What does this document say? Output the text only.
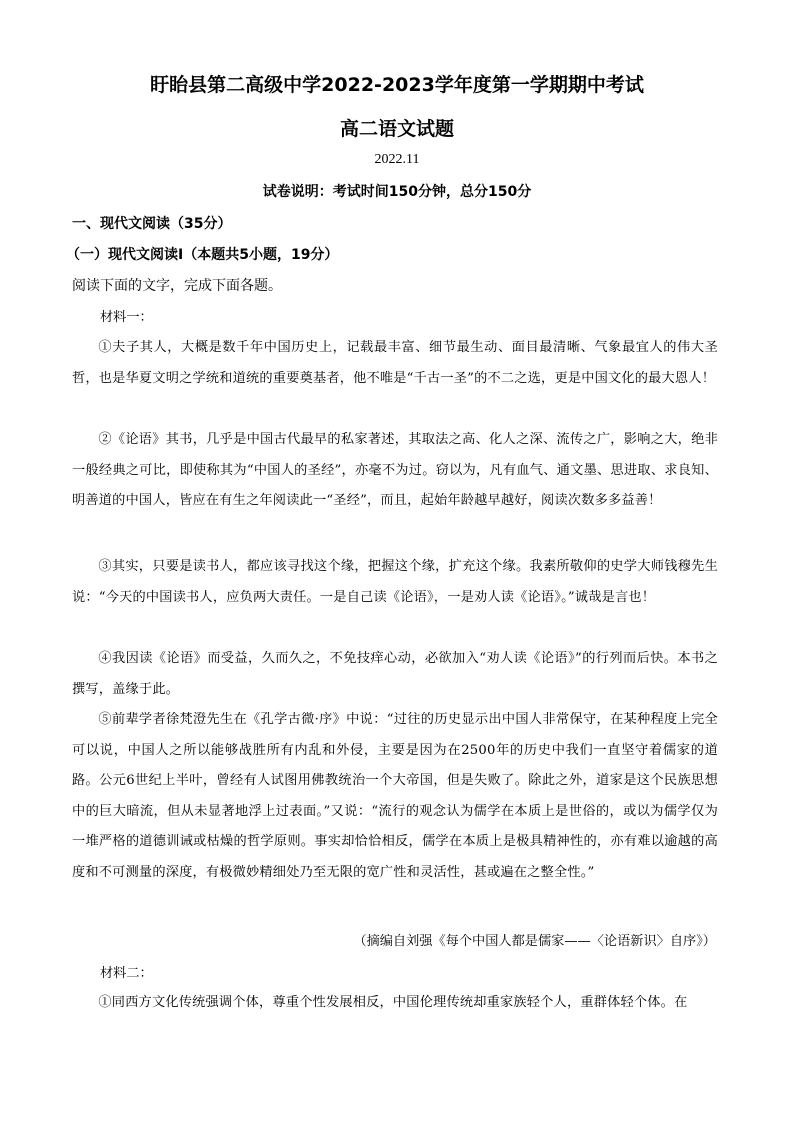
盱眙县第二高级中学2022-2023学年度第一学期期中考试
高二语文试题
2022.11
试卷说明：考试时间150分钟，总分150分
一、现代文阅读（35分）
（一）现代文阅读Ⅰ（本题共5小题，19分）
阅读下面的文字，完成下面各题。
材料一：
①夫子其人，大概是数千年中国历史上，记载最丰富、细节最生动、面目最清晰、气象最宜人的伟大圣哲，也是华夏文明之学统和道统的重要奠基者，他不唯是“千古一圣”的不二之选，更是中国文化的最大恩人！
②《论语》其书，几乎是中国古代最早的私家著述，其取法之高、化人之深、流传之广，影响之大，绝非一般经典之可比，即使称其为“中国人的圣经”，亦毫不为过。窃以为，凡有血气、通文墨、思进取、求良知、明善道的中国人，皆应在有生之年阅读此一“圣经”，而且，起始年龄越早越好，阅读次数多多益善！
③其实，只要是读书人，都应该寻找这个缘，把握这个缘，扩充这个缘。我素所敬仰的史学大师钱穆先生说：“今天的中国读书人，应负两大责任。一是自己读《论语》，一是劝人读《论语》。”诚哉是言也！
④我因读《论语》而受益，久而久之，不免技痒心动，必欲加入“劝人读《论语》”的行列而后快。本书之撰写，盖缘于此。
⑤前辈学者徐梵澄先生在《孔学古微·序》中说：“过往的历史显示出中国人非常保守，在某种程度上完全可以说，中国人之所以能够战胜所有内乱和外侵，主要是因为在2500年的历史中我们一直坚守着儒家的道路。公元6世纪上半叶，曾经有人试图用佛教统治一个大帝国，但是失败了。除此之外，道家是这个民族思想中的巨大暗流，但从未显著地浮上过表面。”又说：“流行的观念认为儒学在本质上是世俗的，或以为儒学仅为一堆严格的道德训诫或枯燥的哲学原则。事实却恰恰相反，儒学在本质上是极具精神性的，亦有难以逾越的高度和不可测量的深度，有极微妙精细处乃至无限的宽广性和灵活性，甚或遍在之整全性。”
（摘编自刘强《每个中国人都是儒家——〈论语新识〉自序》）
材料二：
①同西方文化传统强调个体，尊重个性发展相反，中国伦理传统却重家族轻个人，重群体轻个体。在
